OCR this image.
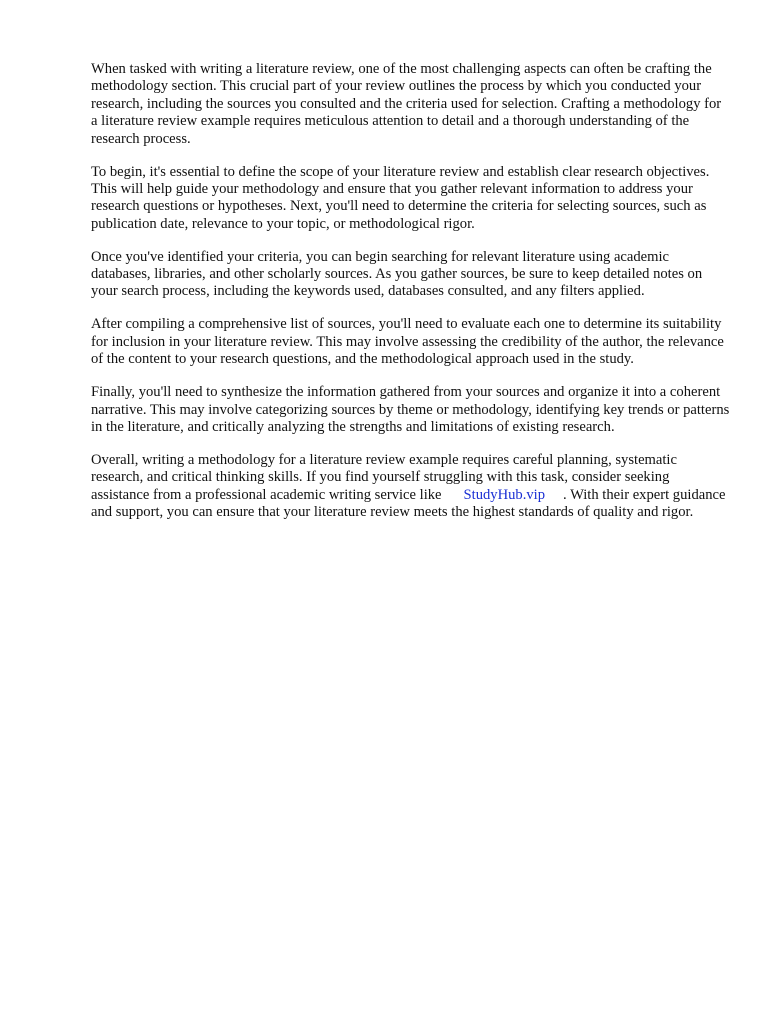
When tasked with writing a literature review, one of the most challenging aspects can often be crafting the methodology section. This crucial part of your review outlines the process by which you conducted your research, including the sources you consulted and the criteria used for selection. Crafting a methodology for a literature review example requires meticulous attention to detail and a thorough understanding of the research process.

To begin, it's essential to define the scope of your literature review and establish clear research objectives. This will help guide your methodology and ensure that you gather relevant information to address your research questions or hypotheses. Next, you'll need to determine the criteria for selecting sources, such as publication date, relevance to your topic, or methodological rigor.

Once you've identified your criteria, you can begin searching for relevant literature using academic databases, libraries, and other scholarly sources. As you gather sources, be sure to keep detailed notes on your search process, including the keywords used, databases consulted, and any filters applied.

After compiling a comprehensive list of sources, you'll need to evaluate each one to determine its suitability for inclusion in your literature review. This may involve assessing the credibility of the author, the relevance of the content to your research questions, and the methodological approach used in the study.

Finally, you'll need to synthesize the information gathered from your sources and organize it into a coherent narrative. This may involve categorizing sources by theme or methodology, identifying key trends or patterns in the literature, and critically analyzing the strengths and limitations of existing research.

Overall, writing a methodology for a literature review example requires careful planning, systematic research, and critical thinking skills. If you find yourself struggling with this task, consider seeking assistance from a professional academic writing service like StudyHub.vip . With their expert guidance and support, you can ensure that your literature review meets the highest standards of quality and rigor.
